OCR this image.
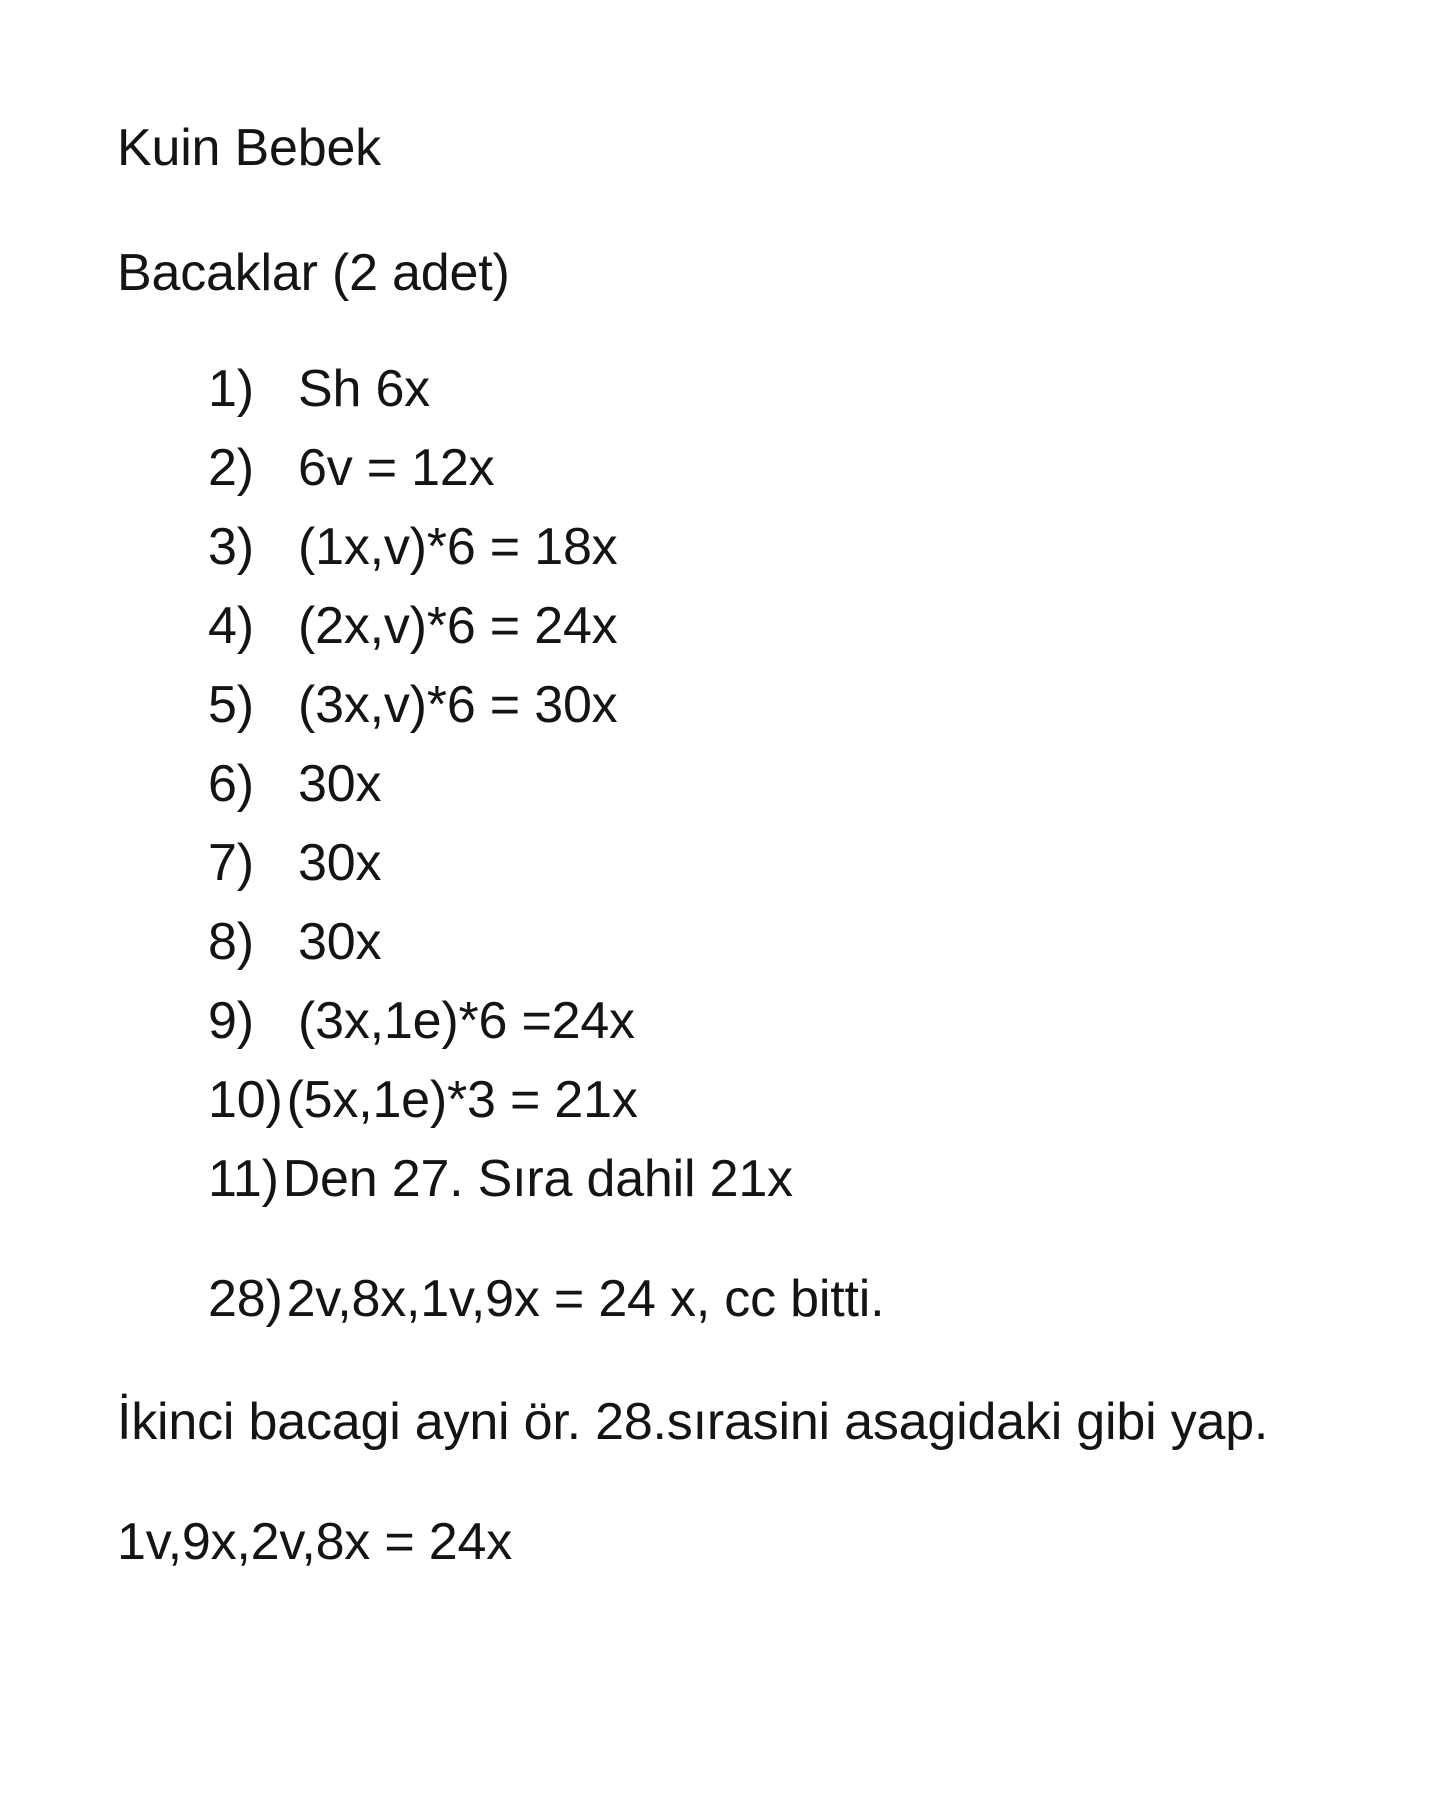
Kuin Bebek
Bacaklar (2 adet)
1) Sh 6x
2) 6v = 12x
3) (1x,v)*6 = 18x
4) (2x,v)*6 = 24x
5) (3x,v)*6 = 30x
6) 30x
7) 30x
8) 30x
9) (3x,1e)*6 =24x
10)(5x,1e)*3 = 21x
11)Den 27. Sıra dahil 21x
28)2v,8x,1v,9x = 24 x, cc bitti.
İkinci bacagi ayni ör. 28.sırasini asagidaki gibi yap.
1v,9x,2v,8x = 24x
